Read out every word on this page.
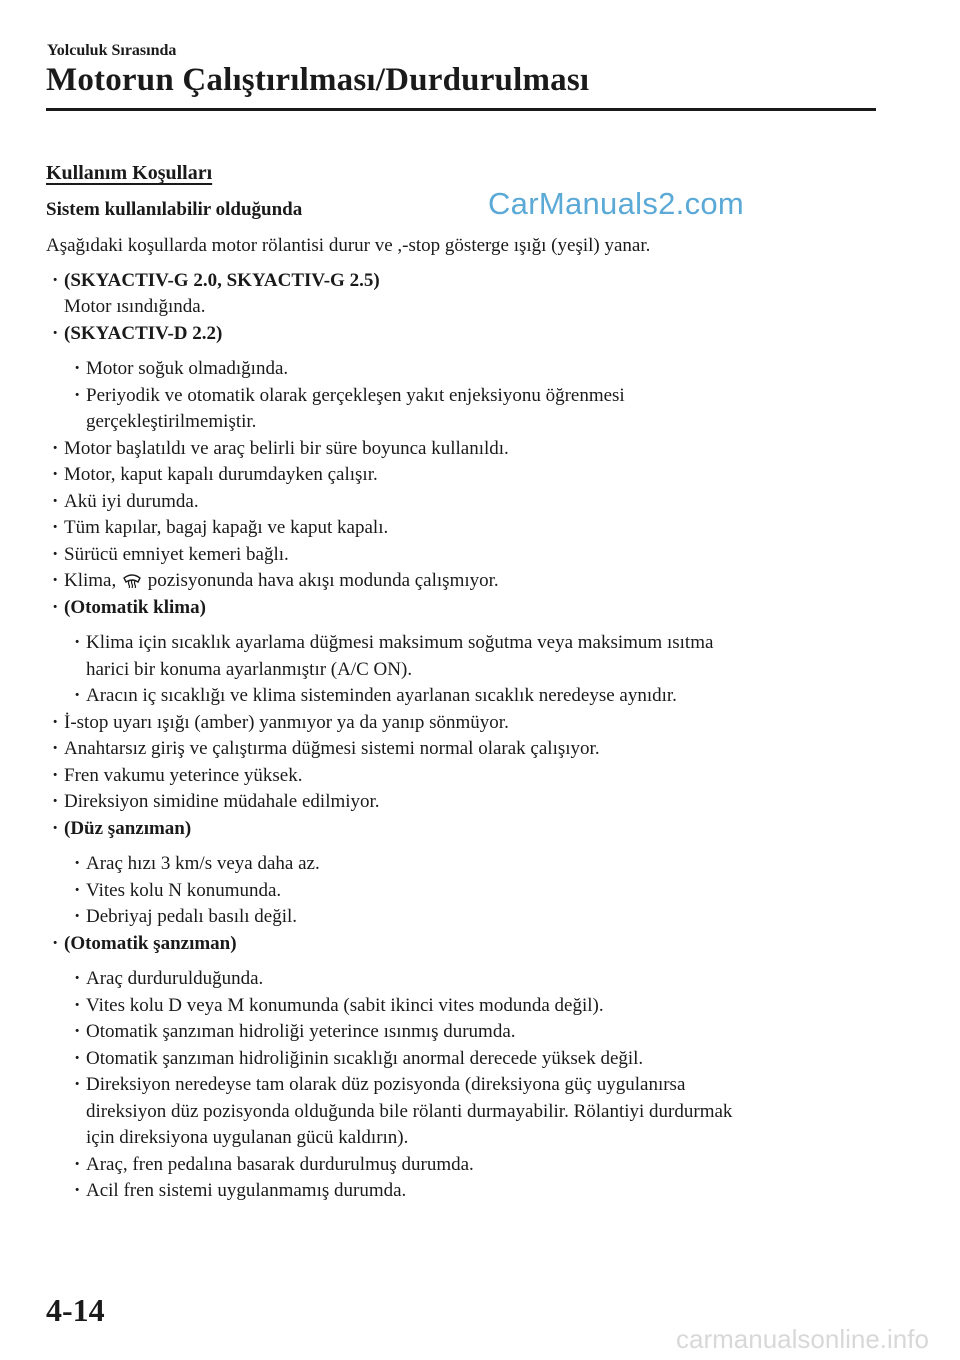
Yolculuk Sırasında
Motorun Çalıştırılması/Durdurulması
CarManuals2.com
Kullanım Koşulları
Sistem kullanılabilir olduğunda
Aşağıdaki koşullarda motor rölantisi durur ve ,-stop gösterge ışığı (yeşil) yanar.
· (SKYACTIV-G 2.0, SKYACTIV-G 2.5)
Motor ısındığında.
· (SKYACTIV-D 2.2)
· Motor soğuk olmadığında.
· Periyodik ve otomatik olarak gerçekleşen yakıt enjeksiyonu öğrenmesi
gerçekleştirilmemiştir.
· Motor başlatıldı ve araç belirli bir süre boyunca kullanıldı.
· Motor, kaput kapalı durumdayken çalışır.
· Akü iyi durumda.
· Tüm kapılar, bagaj kapağı ve kaput kapalı.
· Sürücü emniyet kemeri bağlı.
· Klima, pozisyonunda hava akışı modunda çalışmıyor.
· (Otomatik klima)
· Klima için sıcaklık ayarlama düğmesi maksimum soğutma veya maksimum ısıtma
harici bir konuma ayarlanmıştır (A/C ON).
· Aracın iç sıcaklığı ve klima sisteminden ayarlanan sıcaklık neredeyse aynıdır.
· İ-stop uyarı ışığı (amber) yanmıyor ya da yanıp sönmüyor.
· Anahtarsız giriş ve çalıştırma düğmesi sistemi normal olarak çalışıyor.
· Fren vakumu yeterince yüksek.
· Direksiyon simidine müdahale edilmiyor.
· (Düz şanzıman)
· Araç hızı 3 km/s veya daha az.
· Vites kolu N konumunda.
· Debriyaj pedalı basılı değil.
· (Otomatik şanzıman)
· Araç durdurulduğunda.
· Vites kolu D veya M konumunda (sabit ikinci vites modunda değil).
· Otomatik şanzıman hidroliği yeterince ısınmış durumda.
· Otomatik şanzıman hidroliğinin sıcaklığı anormal derecede yüksek değil.
· Direksiyon neredeyse tam olarak düz pozisyonda (direksiyona güç uygulanırsa
direksiyon düz pozisyonda olduğunda bile rölanti durmayabilir. Rölantiyi durdurmak
için direksiyona uygulanan gücü kaldırın).
· Araç, fren pedalına basarak durdurulmuş durumda.
· Acil fren sistemi uygulanmamış durumda.
4-14
carmanualsonline.info
